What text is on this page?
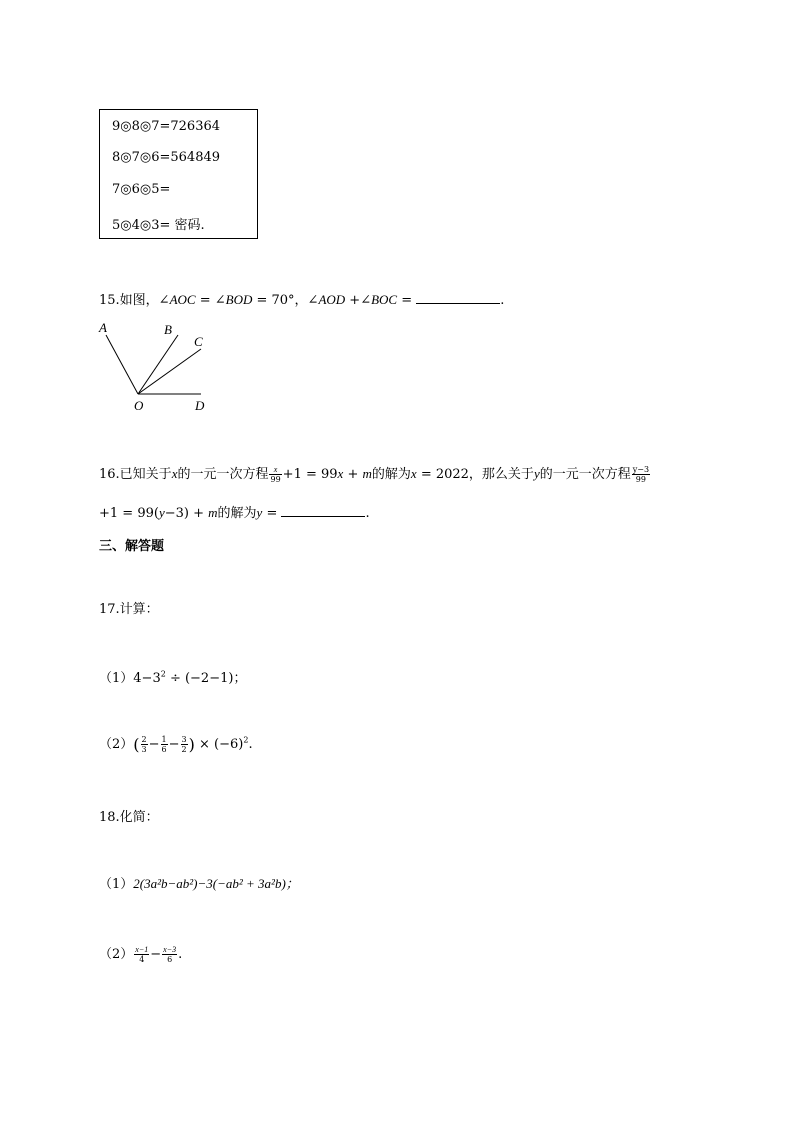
9◎8◎7=726364
8◎7◎6=564849
7◎6◎5=
5◎4◎3= 密码.
15.如图，∠AOC = ∠BOD = 70°，∠AOD +∠BOC =	.
A	B
C
O	D
16.已知关于x的一元一次方程 $\frac{x}{99} +1 = 99x + m$的解为x = 2022，那么关于y的一元一次方程 $\frac{y-3}{99}$
+1 = 99(y−3) + m的解为y =	.
三、解答题
17.计算：
$(1)4-3^2 \div (-2-1)$；
$(2)( \frac{2}{3} - \frac{1}{6} - \frac{3}{2}$ ) × $(-6)^2$.
18.化简：
（1）2(3a²b−ab²)−3(−ab² + 3a²b)；
$(2) \frac{x-1}{4} - \frac{x-3}{6}$ .
